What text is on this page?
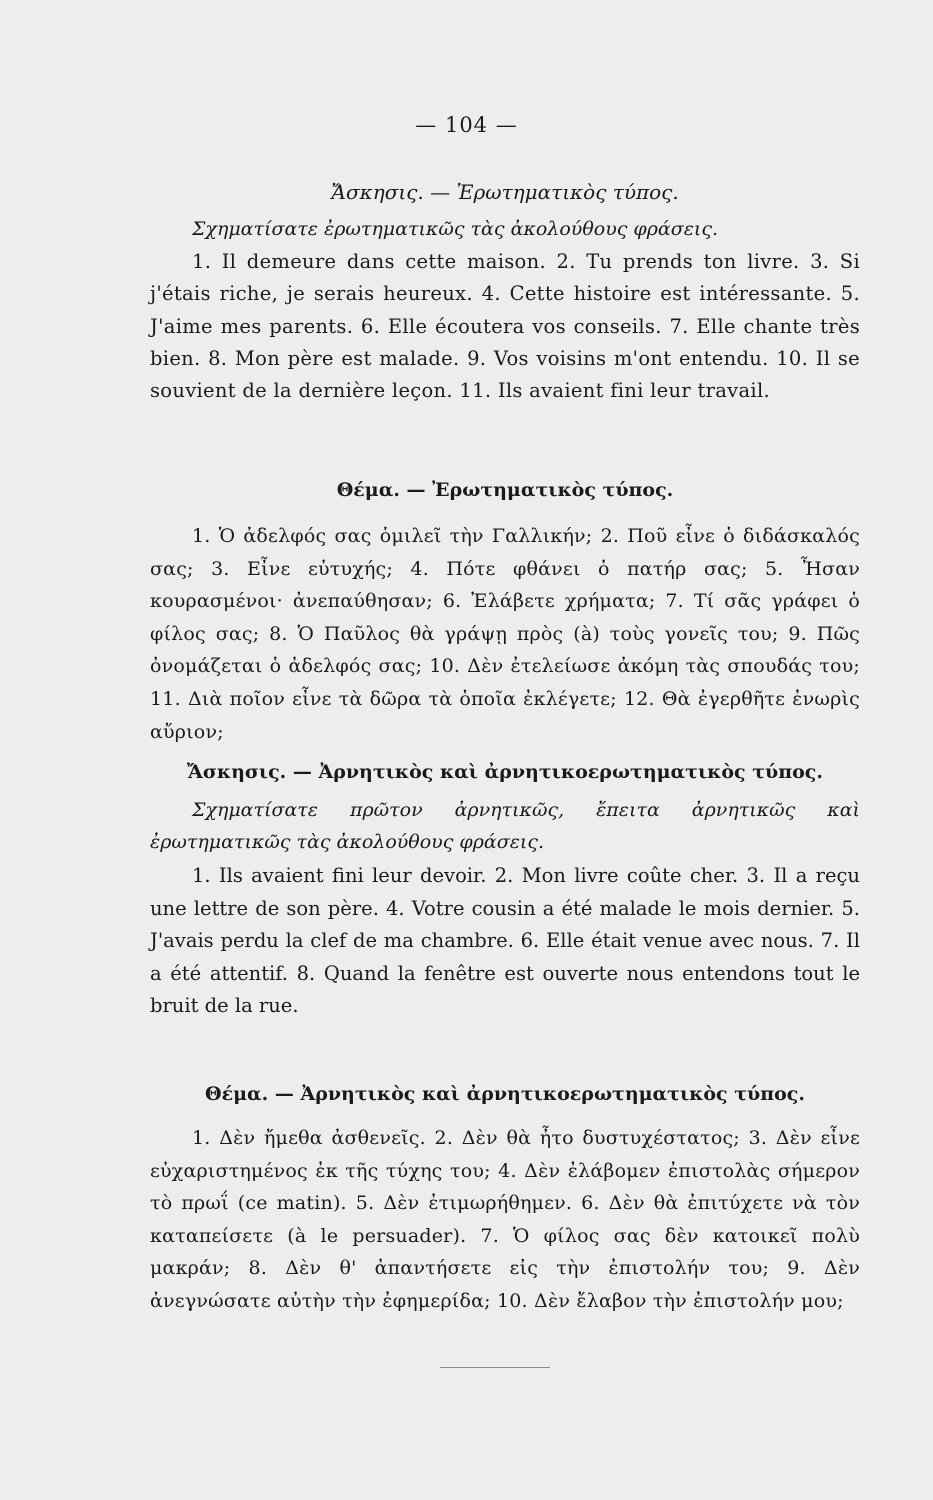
— 104 —
Ἄσκησις. — Ἐρωτηματικὸς τύπος.
Σχηματίσατε ἐρωτηματικῶς τὰς ἀκολούθους φράσεις.

1. Il demeure dans cette maison. 2. Tu prends ton livre. 3. Si j'étais riche, je serais heureux. 4. Cette histoire est intéressante. 5. J'aime mes parents. 6. Elle écoutera vos conseils. 7. Elle chante très bien. 8. Mon père est malade. 9. Vos voisins m'ont entendu. 10. Il se souvient de la dernière leçon. 11. Ils avaient fini leur travail.

Θέμα. — Ἐρωτηματικὸς τύπος.

1. Ὁ ἀδελφός σας ὁμιλεῖ τὴν Γαλλικήν; 2. Ποῦ εἶνε ὁ διδάσκαλός σας; 3. Εἶνε εὐτυχής; 4. Πότε φθάνει ὁ πατήρ σας; 5. Ἦσαν κουρασμένοι· ἀνεπαύθησαν; 6. Ἐλάβετε χρήματα; 7. Τί σᾶς γράφει ὁ φίλος σας; 8. Ὁ Παῦλος θὰ γράψῃ πρὸς (à) τοὺς γονεῖς του; 9. Πῶς ὀνομάζεται ὁ ἀδελφός σας; 10. Δὲν ἐτελείωσε ἀκόμη τὰς σπουδάς του; 11. Διὰ ποῖον εἶνε τὰ δῶρα τὰ ὁποῖα ἐκλέγετε; 12. Θὰ ἐγερθῆτε ἐνωρὶς αὔριον;

Ἄσκησις. — Ἀρνητικὸς καὶ ἀρνητικοερωτηματικὸς τύπος.
Σχηματίσατε πρῶτον ἀρνητικῶς, ἔπειτα ἀρνητικῶς καὶ ἐρωτηματικῶς τὰς ἀκολούθους φράσεις.

1. Ils avaient fini leur devoir. 2. Mon livre coûte cher. 3. Il a reçu une lettre de son père. 4. Votre cousin a été malade le mois dernier. 5. J'avais perdu la clef de ma chambre. 6. Elle était venue avec nous. 7. Il a été attentif. 8. Quand la fenêtre est ouverte nous entendons tout le bruit de la rue.

Θέμα. — Ἀρνητικὸς καὶ ἀρνητικοερωτηματικὸς τύπος.

1. Δὲν ἤμεθα ἀσθενεῖς. 2. Δὲν θὰ ἦτο δυστυχέστατος; 3. Δὲν εἶνε εὐχαριστημένος ἐκ τῆς τύχης του; 4. Δὲν ἐλάβομεν ἐπιστολὰς σήμερον τὸ πρωΐ (ce matin). 5. Δὲν ἐτιμωρήθημεν. 6. Δὲν θὰ ἐπιτύχετε νὰ τὸν καταπείσετε (à le persuader). 7. Ὁ φίλος σας δὲν κατοικεῖ πολὺ μακράν; 8. Δὲν θ' ἀπαντήσετε εἰς τὴν ἐπιστολήν του; 9. Δὲν ἀνεγνώσατε αὐτὴν τὴν ἐφημερίδα; 10. Δὲν ἔλαβον τὴν ἐπιστολήν μου;
